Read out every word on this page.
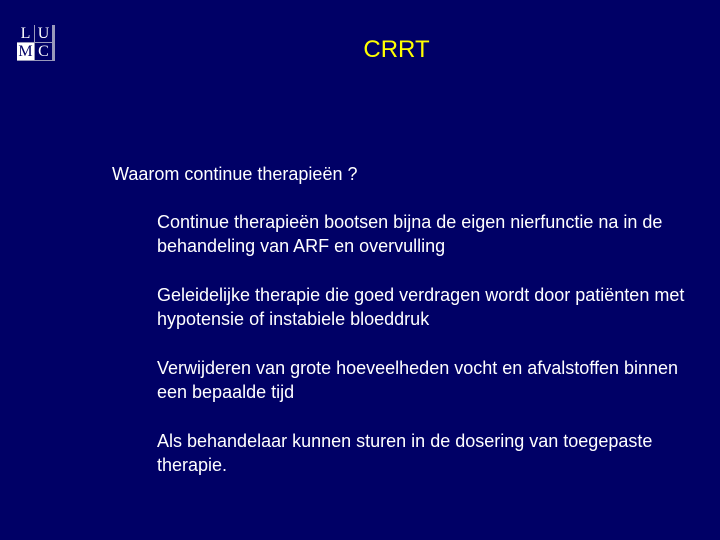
L U
M C	CRRT
Waarom continue therapieën ?
Continue therapieën bootsen bijna de eigen nierfunctie na in de behandeling van ARF en overvulling
Geleidelijke therapie die goed verdragen wordt door patiënten met hypotensie of instabiele bloeddruk
Verwijderen van grote hoeveelheden vocht en afvalstoffen binnen een bepaalde tijd
Als behandelaar kunnen sturen in de dosering van toegepaste therapie.
